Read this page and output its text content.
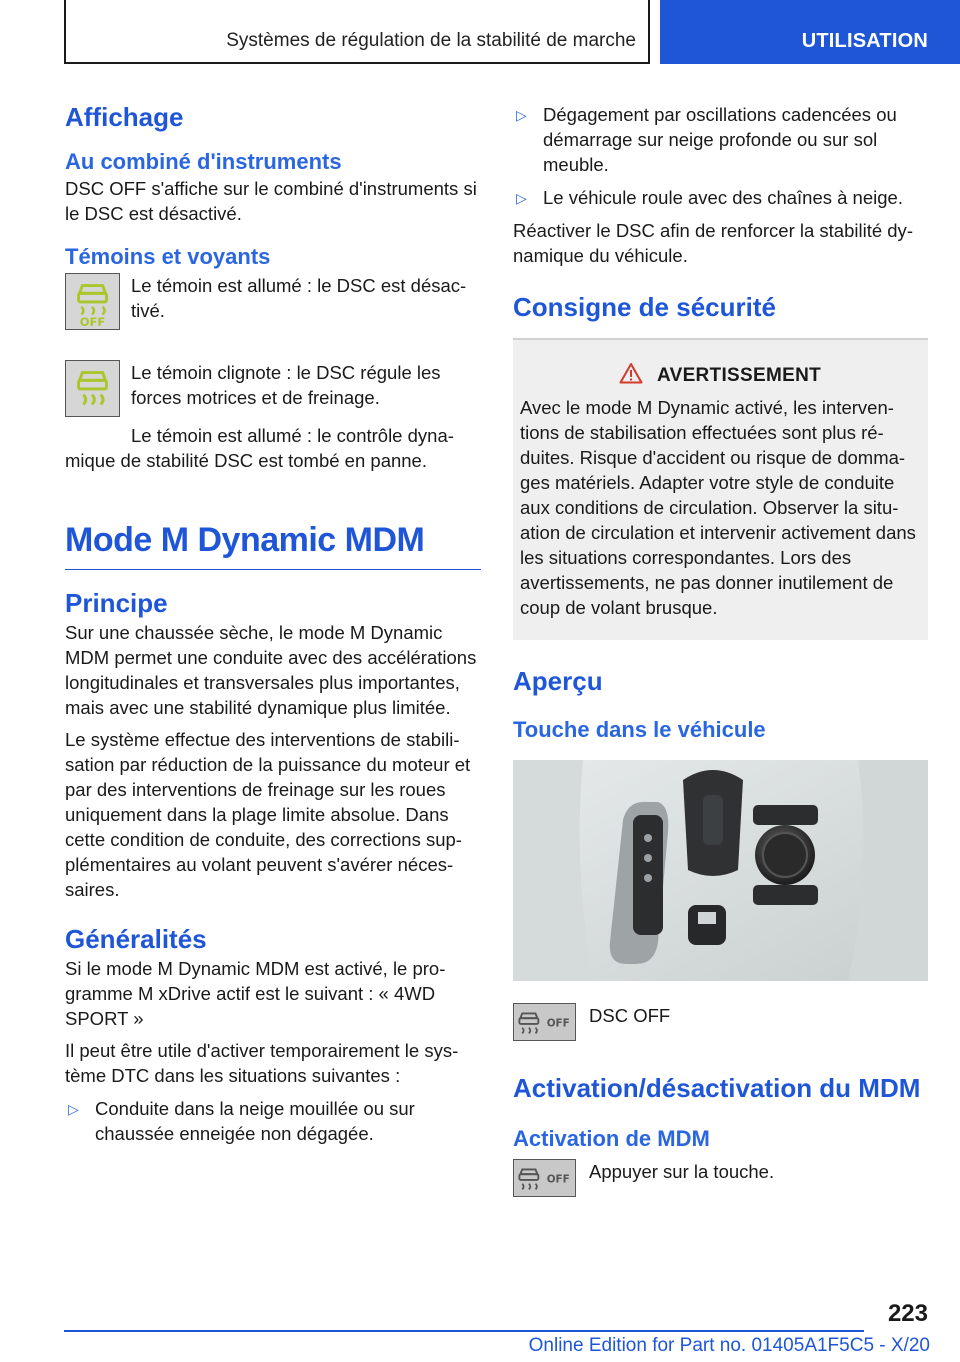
Systèmes de régulation de la stabilité de marche	UTILISATION
Affichage
Au combiné d'instruments

DSC OFF s'affiche sur le combiné d'instruments si le DSC est désactivé.

Témoins et voyants
OFF

Le témoin est allumé : le DSC est désactivé.

Le témoin clignote : le DSC régule les forces motrices et de freinage.

Le témoin est allumé : le contrôle dynamique de stabilité DSC est tombé en panne.

Mode M Dynamic MDM
Principe

Sur une chaussée sèche, le mode M Dynamic MDM permet une conduite avec des accélérations longitudinales et transversales plus importantes, mais avec une stabilité dynamique plus limitée.

Le système effectue des interventions de stabilisation par réduction de la puissance du moteur et par des interventions de freinage sur les roues uniquement dans la plage limite absolue. Dans cette condition de conduite, des corrections supplémentaires au volant peuvent s'avérer nécessaires.

Généralités

Si le mode M Dynamic MDM est activé, le programme M xDrive actif est le suivant : « 4WD SPORT »

Il peut être utile d'activer temporairement le système DTC dans les situations suivantes :

▷ Conduite dans la neige mouillée ou sur chaussée enneigée non dégagée.
▷ Dégagement par oscillations cadencées ou démarrage sur neige profonde ou sur sol meuble.
▷ Le véhicule roule avec des chaînes à neige.

Réactiver le DSC afin de renforcer la stabilité dynamique du véhicule.

Consigne de sécurité
AVERTISSEMENT

Avec le mode M Dynamic activé, les interventions de stabilisation effectuées sont plus réduites. Risque d'accident ou risque de dommages matériels. Adapter votre style de conduite aux conditions de circulation. Observer la situation de circulation et intervenir activement dans les situations correspondantes. Lors des avertissements, ne pas donner inutilement de coup de volant brusque.

Aperçu
Touche dans le véhicule
OFF	DSC OFF

Activation/désactivation du MDM
Activation de MDM
OFF	Appuyer sur la touche.

223
Online Edition for Part no. 01405A1F5C5 - X/20
